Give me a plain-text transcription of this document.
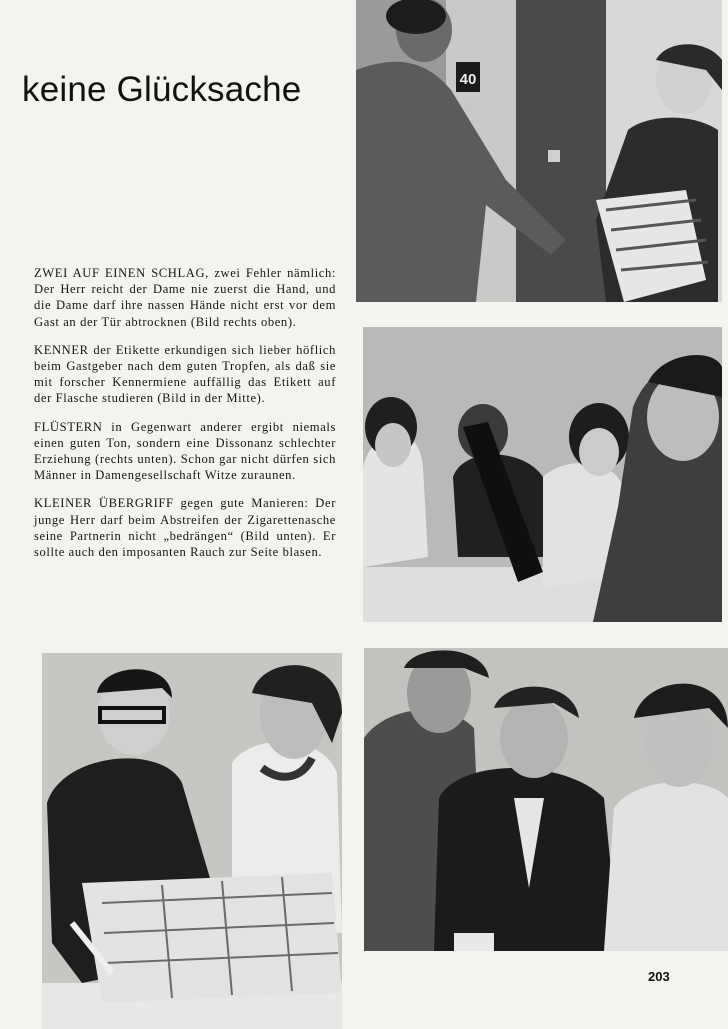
keine Glücksache

ZWEI AUF EINEN SCHLAG, zwei Fehler nämlich: Der Herr reicht der Dame nie zuerst die Hand, und die Dame darf ihre nassen Hände nicht erst vor dem Gast an der Tür abtrocknen (Bild rechts oben).

KENNER der Etikette erkundigen sich lieber höflich beim Gastgeber nach dem guten Tropfen, als daß sie mit forscher Kennermiene auffällig das Etikett auf der Flasche studieren (Bild in der Mitte).

FLÜSTERN in Gegenwart anderer ergibt niemals einen guten Ton, sondern eine Dissonanz schlechter Erziehung (rechts unten). Schon gar nicht dürfen sich Männer in Damengesellschaft Witze zuraunen.

KLEINER ÜBERGRIFF gegen gute Manieren: Der junge Herr darf beim Abstreifen der Zigarettenasche seine Partnerin nicht „bedrängen“ (Bild unten). Er sollte auch den imposanten Rauch zur Seite blasen.

40
203
